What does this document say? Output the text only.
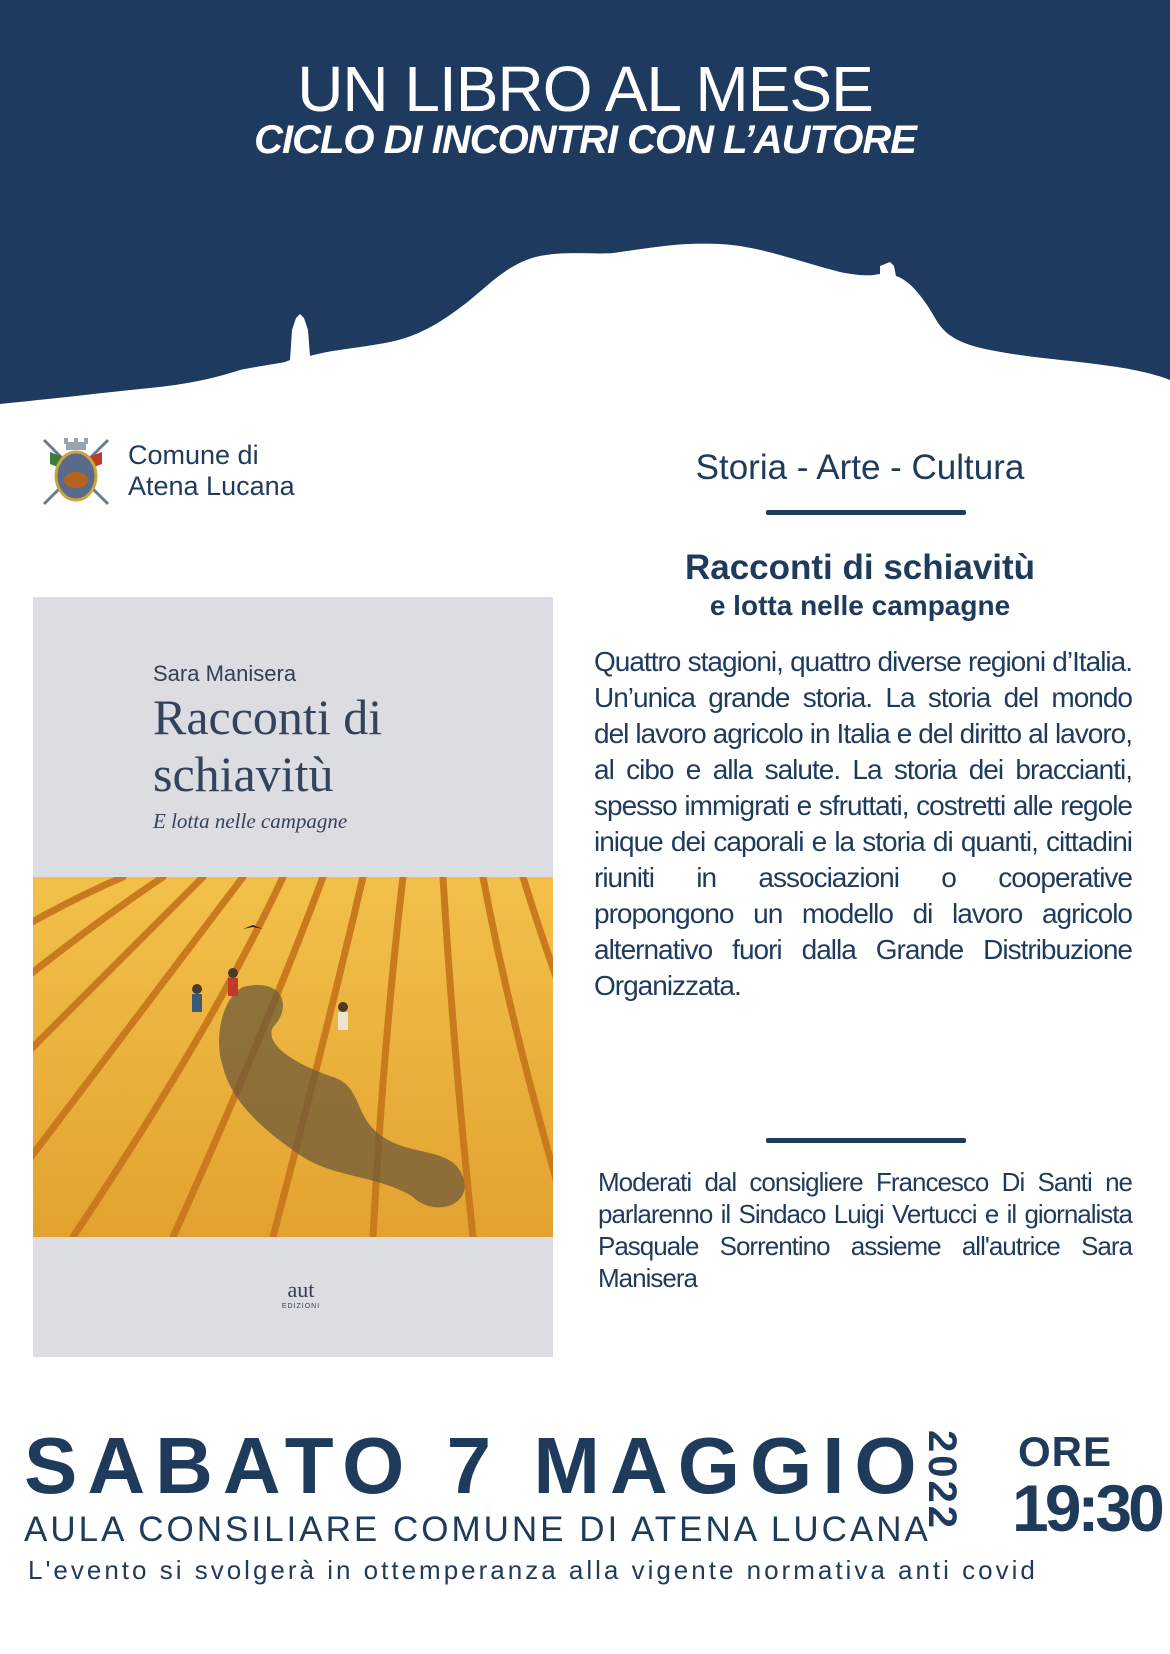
UN LIBRO AL MESE
CICLO DI INCONTRI CON L’AUTORE
Comune di
Atena Lucana	Storia - Arte - Cultura
Racconti di schiavitù
e lotta nelle campagne

Quattro stagioni, quattro diverse regioni d’Italia. Un’unica grande storia. La storia del mondo del lavoro agricolo in Italia e del diritto al lavoro, al cibo e alla salute. La storia dei braccianti, spesso immigrati e sfruttati, costretti alle regole inique dei caporali e la storia di quanti, cittadini riuniti in associazioni o cooperative propongono un modello di lavoro agricolo alternativo fuori dalla Grande Distribuzione Organizzata.

Moderati dal consigliere Francesco Di Santi ne parlarenno il Sindaco Luigi Vertucci e il giornalista Pasquale Sorrentino assieme all'autrice Sara Manisera

Sara Manisera
Racconti di
schiavitù
E lotta nelle campagne
aut
EDIZIONI
SABATO 7 MAGGIO
2022 ORE
19:30
AULA CONSILIARE COMUNE DI ATENA LUCANA
L'evento si svolgerà in ottemperanza alla vigente normativa anti covid
